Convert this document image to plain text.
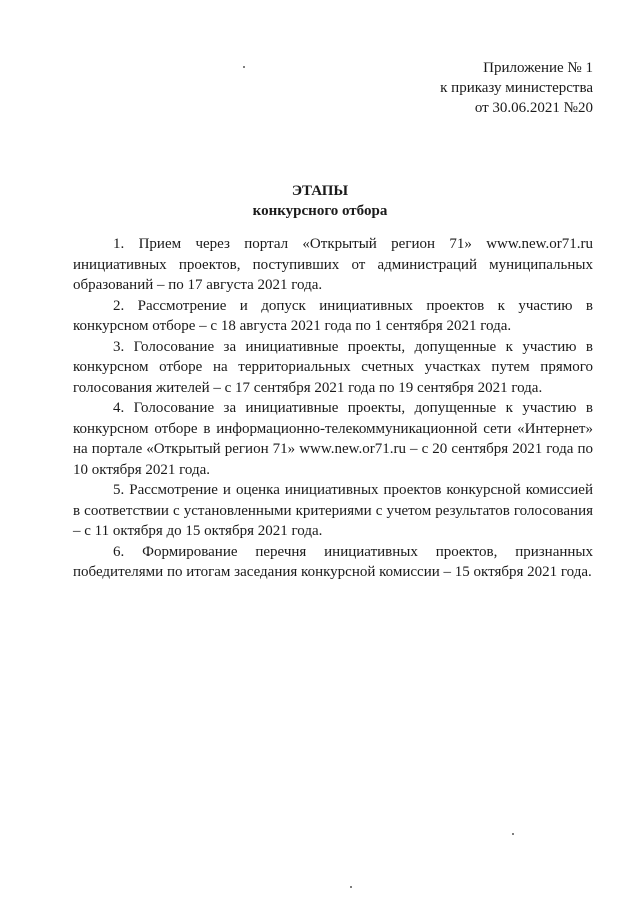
Приложение № 1
к приказу министерства
от 30.06.2021 №20
ЭТАПЫ
конкурсного отбора

1. Прием через портал «Открытый регион 71» www.new.or71.ru инициативных проектов, поступивших от администраций муниципальных образований – по 17 августа 2021 года.

2. Рассмотрение и допуск инициативных проектов к участию в конкурсном отборе – с 18 августа 2021 года по 1 сентября 2021 года.

3. Голосование за инициативные проекты, допущенные к участию в конкурсном отборе на территориальных счетных участках путем прямого голосования жителей – с 17 сентября 2021 года по 19 сентября 2021 года.

4. Голосование за инициативные проекты, допущенные к участию в конкурсном отборе в информационно-телекоммуникационной сети «Интернет» на портале «Открытый регион 71» www.new.or71.ru – с 20 сентября 2021 года по 10 октября 2021 года.

5. Рассмотрение и оценка инициативных проектов конкурсной комиссией в соответствии с установленными критериями с учетом результатов голосования – с 11 октября до 15 октября 2021 года.

6. Формирование перечня инициативных проектов, признанных победителями по итогам заседания конкурсной комиссии – 15 октября 2021 года.
